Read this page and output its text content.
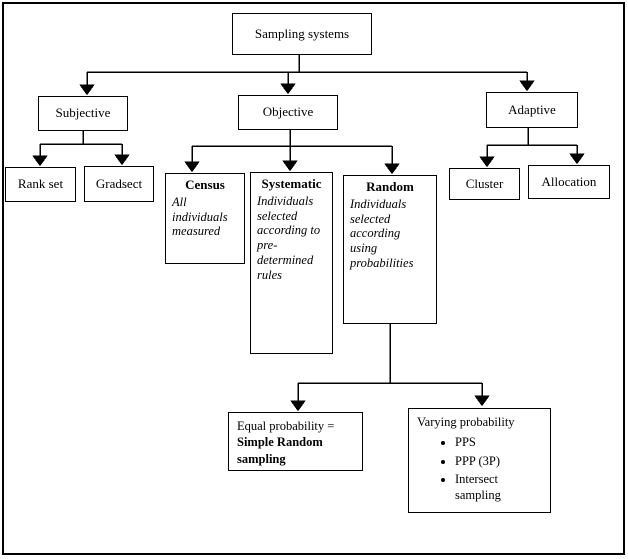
Sampling systems
Subjective	Objective	Adaptive
Rank set	Gradsect	Census
All individuals measured
Systematic
Individuals selected according to pre-determined rules
Random
Individuals selected according using probabilities
Cluster	Allocation
Equal probability =
Simple Random sampling
Varying probability
• PPS
• PPP (3P)
• Intersect sampling
